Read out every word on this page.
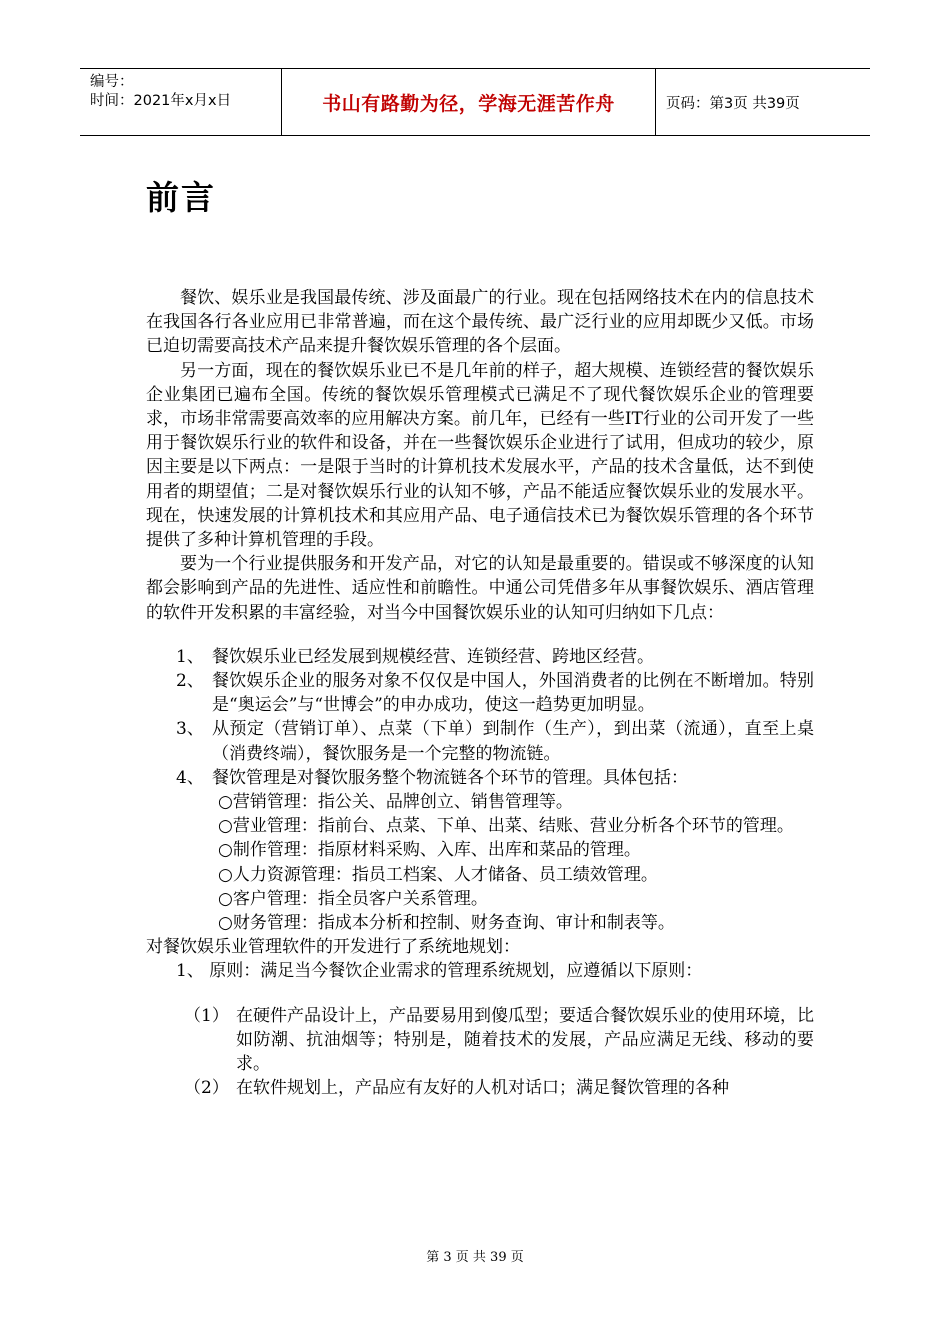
编号：
时间：2021年x月x日	书山有路勤为径，学海无涯苦作舟	页码：第3页 共39页
前言

餐饮、娱乐业是我国最传统、涉及面最广的行业。现在包括网络技术在内的信息技术在我国各行各业应用已非常普遍，而在这个最传统、最广泛行业的应用却既少又低。市场已迫切需要高技术产品来提升餐饮娱乐管理的各个层面。

另一方面，现在的餐饮娱乐业已不是几年前的样子，超大规模、连锁经营的餐饮娱乐企业集团已遍布全国。传统的餐饮娱乐管理模式已满足不了现代餐饮娱乐企业的管理要求，市场非常需要高效率的应用解决方案。前几年，已经有一些IT行业的公司开发了一些用于餐饮娱乐行业的软件和设备，并在一些餐饮娱乐企业进行了试用，但成功的较少，原因主要是以下两点：一是限于当时的计算机技术发展水平，产品的技术含量低，达不到使用者的期望值；二是对餐饮娱乐行业的认知不够，产品不能适应餐饮娱乐业的发展水平。现在，快速发展的计算机技术和其应用产品、电子通信技术已为餐饮娱乐管理的各个环节提供了多种计算机管理的手段。

要为一个行业提供服务和开发产品，对它的认知是最重要的。错误或不够深度的认知都会影响到产品的先进性、适应性和前瞻性。中通公司凭借多年从事餐饮娱乐、酒店管理的软件开发积累的丰富经验，对当今中国餐饮娱乐业的认知可归纳如下几点：

1、 餐饮娱乐业已经发展到规模经营、连锁经营、跨地区经营。
2、 餐饮娱乐企业的服务对象不仅仅是中国人，外国消费者的比例在不断增加。特别是“奥运会”与“世博会”的申办成功，使这一趋势更加明显。
3、 从预定（营销订单）、点菜（下单）到制作（生产），到出菜（流通），直至上桌（消费终端），餐饮服务是一个完整的物流链。
4、 餐饮管理是对餐饮服务整个物流链各个环节的管理。具体包括：

○营销管理：指公关、品牌创立、销售管理等。

○营业管理：指前台、点菜、下单、出菜、结账、营业分析各个环节的管理。

○制作管理：指原材料采购、入库、出库和菜品的管理。

○人力资源管理：指员工档案、人才储备、员工绩效管理。

○客户管理：指全员客户关系管理。

○财务管理：指成本分析和控制、财务查询、审计和制表等。

对餐饮娱乐业管理软件的开发进行了系统地规划：

1、 原则：满足当今餐饮企业需求的管理系统规划，应遵循以下原则：

（1） 在硬件产品设计上，产品要易用到傻瓜型；要适合餐饮娱乐业的使用环境，比如防潮、抗油烟等；特别是，随着技术的发展，产品应满足无线、移动的要求。
（2） 在软件规划上，产品应有友好的人机对话口；满足餐饮管理的各种
第 3 页 共 39 页
